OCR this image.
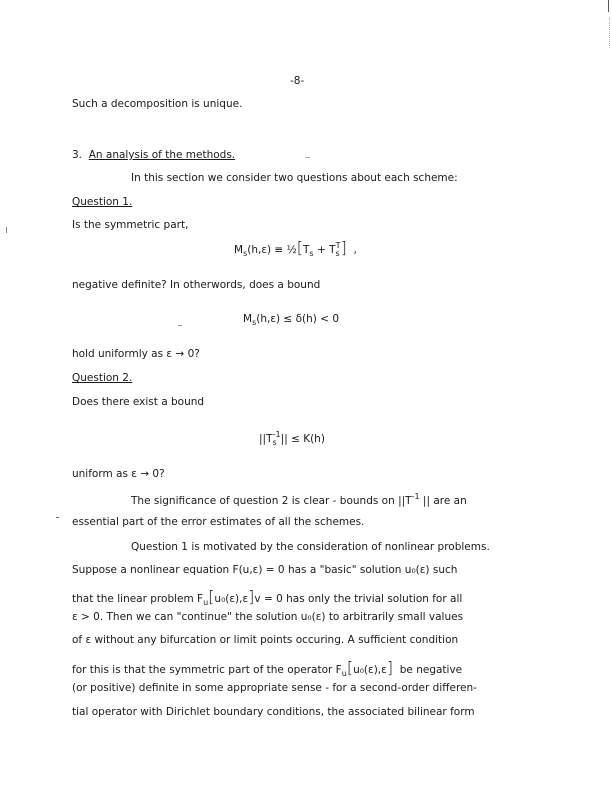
-8-
Such a decomposition is unique.
3. An analysis of the methods.
In this section we consider two questions about each scheme:
Question 1.
Is the symmetric part,
$M_s(h,\varepsilon)$ ≡ $\frac{1}{2}[T_s + T_s^T]$ ,
negative definite? In otherwords, does a bound
$M_s(h,\varepsilon) \le \delta(h) < 0$
hold uniformly as ε → 0?
Question 2.
Does there exist a bound
$||T_s^{-1}|| \le K(h)$
uniform as ε → 0?
The significance of question 2 is clear - bounds on $||T^{-1}$ || are an
essential part of the error estimates of all the schemes.
Question 1 is motivated by the consideration of nonlinear problems.
Suppose a nonlinear equation F(u,ε) = 0 has a "basic" solution u₀(ε) such
that the linear problem $F_u[u_0(\varepsilon),\varepsilon]v = 0$ has only the trivial solution for all
ε > 0. Then we can "continue" the solution u₀(ε) to arbitrarily small values
of ε without any bifurcation or limit points occuring. A sufficient condition
for this is that the symmetric part of the operator $F_u[u_0(\varepsilon),\varepsilon]$ be negative
(or positive) definite in some appropriate sense - for a second-order differen-
tial operator with Dirichlet boundary conditions, the associated bilinear form
